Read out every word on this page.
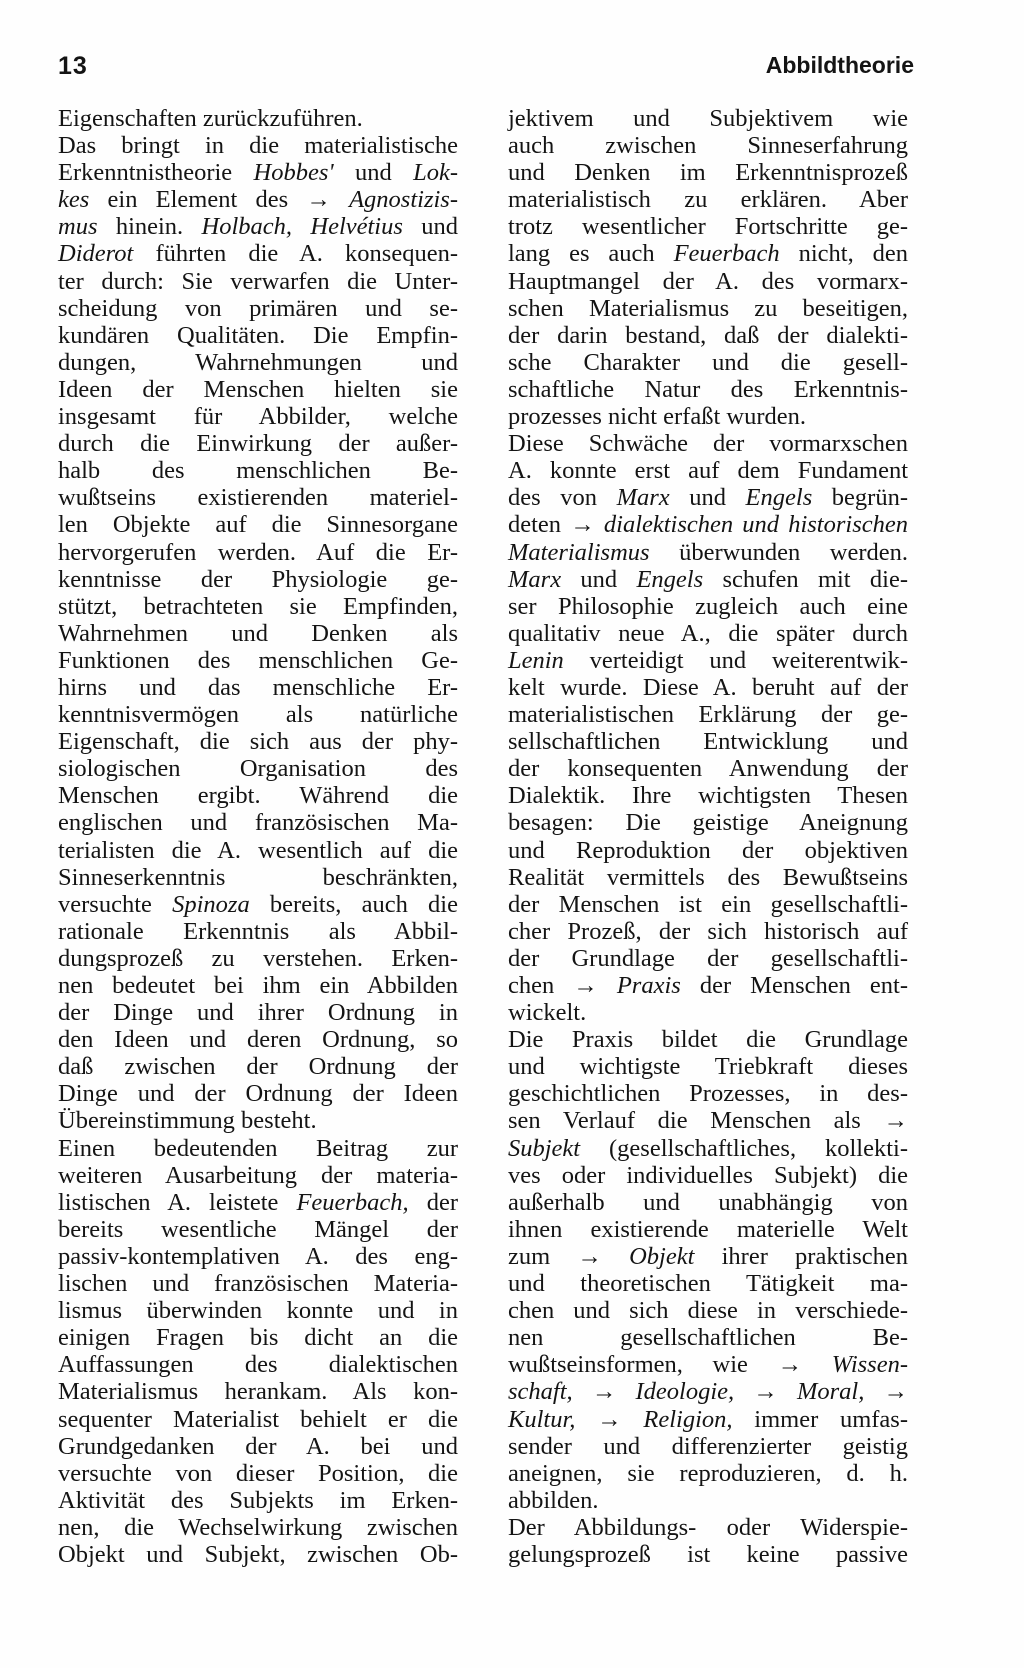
13	Abbildtheorie
Eigenschaften zurückzuführen.
Das bringt in die materialistische
Erkenntnistheorie Hobbes' und Lok-
kes ein Element des → Agnostizis-
mus hinein. Holbach, Helvétius und
Diderot führten die A. konsequen-
ter durch: Sie verwarfen die Unter-
scheidung von primären und se-
kundären Qualitäten. Die Empfin-
dungen, Wahrnehmungen und
Ideen der Menschen hielten sie
insgesamt für Abbilder, welche
durch die Einwirkung der außer-
halb des menschlichen Be-
wußtseins existierenden materiel-
len Objekte auf die Sinnesorgane
hervorgerufen werden. Auf die Er-
kenntnisse der Physiologie ge-
stützt, betrachteten sie Empfinden,
Wahrnehmen und Denken als
Funktionen des menschlichen Ge-
hirns und das menschliche Er-
kenntnisvermögen als natürliche
Eigenschaft, die sich aus der phy-
siologischen Organisation des
Menschen ergibt. Während die
englischen und französischen Ma-
terialisten die A. wesentlich auf die
Sinneserkenntnis beschränkten,
versuchte Spinoza bereits, auch die
rationale Erkenntnis als Abbil-
dungsprozeß zu verstehen. Erken-
nen bedeutet bei ihm ein Abbilden
der Dinge und ihrer Ordnung in
den Ideen und deren Ordnung, so
daß zwischen der Ordnung der
Dinge und der Ordnung der Ideen
Übereinstimmung besteht.
Einen bedeutenden Beitrag zur
weiteren Ausarbeitung der materia-
listischen A. leistete Feuerbach, der
bereits wesentliche Mängel der
passiv-kontemplativen A. des eng-
lischen und französischen Materia-
lismus überwinden konnte und in
einigen Fragen bis dicht an die
Auffassungen des dialektischen
Materialismus herankam. Als kon-
sequenter Materialist behielt er die
Grundgedanken der A. bei und
versuchte von dieser Position, die
Aktivität des Subjekts im Erken-
nen, die Wechselwirkung zwischen
Objekt und Subjekt, zwischen Ob-
jektivem und Subjektivem wie
auch zwischen Sinneserfahrung
und Denken im Erkenntnisprozeß
materialistisch zu erklären. Aber
trotz wesentlicher Fortschritte ge-
lang es auch Feuerbach nicht, den
Hauptmangel der A. des vormarx-
schen Materialismus zu beseitigen,
der darin bestand, daß der dialekti-
sche Charakter und die gesell-
schaftliche Natur des Erkenntnis-
prozesses nicht erfaßt wurden.
Diese Schwäche der vormarxschen
A. konnte erst auf dem Fundament
des von Marx und Engels begrün-
deten → dialektischen und historischen
Materialismus überwunden werden.
Marx und Engels schufen mit die-
ser Philosophie zugleich auch eine
qualitativ neue A., die später durch
Lenin verteidigt und weiterentwik-
kelt wurde. Diese A. beruht auf der
materialistischen Erklärung der ge-
sellschaftlichen Entwicklung und
der konsequenten Anwendung der
Dialektik. Ihre wichtigsten Thesen
besagen: Die geistige Aneignung
und Reproduktion der objektiven
Realität vermittels des Bewußtseins
der Menschen ist ein gesellschaftli-
cher Prozeß, der sich historisch auf
der Grundlage der gesellschaftli-
chen → Praxis der Menschen ent-
wickelt.
Die Praxis bildet die Grundlage
und wichtigste Triebkraft dieses
geschichtlichen Prozesses, in des-
sen Verlauf die Menschen als →
Subjekt (gesellschaftliches, kollekti-
ves oder individuelles Subjekt) die
außerhalb und unabhängig von
ihnen existierende materielle Welt
zum → Objekt ihrer praktischen
und theoretischen Tätigkeit ma-
chen und sich diese in verschiede-
nen gesellschaftlichen Be-
wußtseinsformen, wie → Wissen-
schaft, → Ideologie, → Moral, →
Kultur, → Religion, immer umfas-
sender und differenzierter geistig
aneignen, sie reproduzieren, d. h.
abbilden.
Der Abbildungs- oder Widerspie-
gelungsprozeß ist keine passive
